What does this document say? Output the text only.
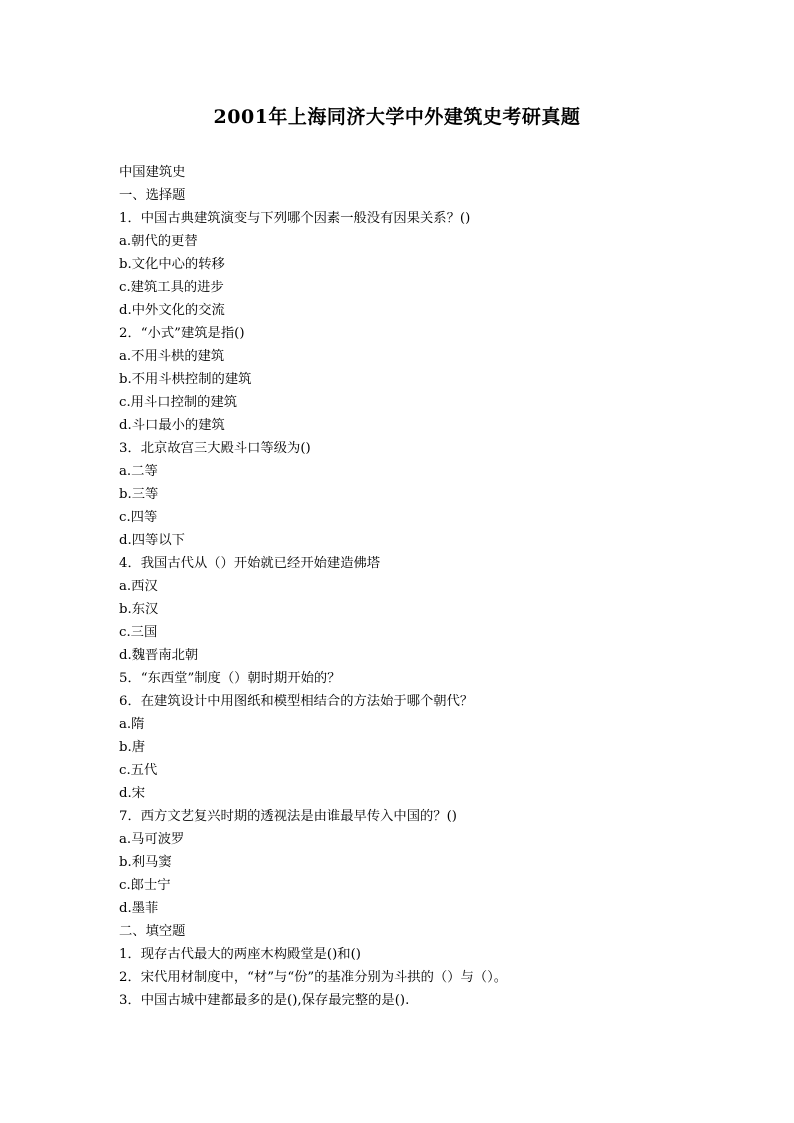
2001年上海同济大学中外建筑史考研真题
中国建筑史
一、选择题
1．中国古典建筑演变与下列哪个因素一般没有因果关系？()
a.朝代的更替
b.文化中心的转移
c.建筑工具的进步
d.中外文化的交流
2．“小式”建筑是指()
a.不用斗栱的建筑
b.不用斗栱控制的建筑
c.用斗口控制的建筑
d.斗口最小的建筑
3．北京故宫三大殿斗口等级为()
a.二等
b.三等
c.四等
d.四等以下
4．我国古代从（）开始就已经开始建造佛塔
a.西汉
b.东汉
c.三国
d.魏晋南北朝
5．“东西堂”制度（）朝时期开始的？
6．在建筑设计中用图纸和模型相结合的方法始于哪个朝代？
a.隋
b.唐
c.五代
d.宋
7．西方文艺复兴时期的透视法是由谁最早传入中国的？()
a.马可波罗
b.利马窦
c.郎士宁
d.墨菲
二、填空题
1．现存古代最大的两座木构殿堂是()和()
2．宋代用材制度中，“材”与“份”的基准分别为斗拱的（）与（）。
3．中国古城中建都最多的是(),保存最完整的是().
